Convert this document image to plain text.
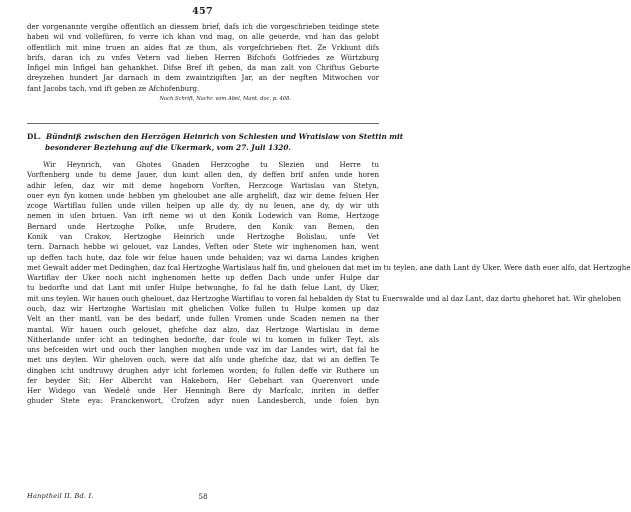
457
der vorgenannte vergihe offentlich an diessem brief, dafs ich die vorgeschrieben teidinge stete
haben wil vnd vollefüren, fo verre ich khan vnd mag, on alle geuerde, vnd han das gelobt
offentlich mit mine truen an aides ftat ze thun, als vorgefchrieben ftet. Ze Vrkhunt difs
brifs, daran ich zu vnfes Vetern vad lieben Herren Bifchofs Gotfriedes ze Würtzburg
Infigel min Infigel han gehankhet. Difse Bref ift geben, da man zalt von Chriftus Geburte
dreyzehen hundert Jar darnach in dem zwaintzigiften Jar, an der negften Mitwochen vor
fant Jacobs tach, vnd ift geben ze Afchofenburg.
Nach Schrift, Nachr. vom Abel, Mant. doc. p. 408.
DL. Bündniß zwischen den Herzögen Heinrich von Schlesien und Wratislaw von Stettin mit
besonderer Beziehung auf die Ukermark, vom 27. Juli 1320.
Wir Heynrich, van Ghotes Gnaden Herzcoghe tu Slezien und Herre tu
Vorftenberg unde tu deme Jauer, dun kunt allen den, dy deffen brif anfen unde horen
adhir lefen, daz wir mit deme hogeborn Vorften, Herzcoge Wartislau van Stetyn,
ouer eyn fyn komen unde hebben ym gheloubet ane alle arghelift, daz wir deme feluen Her
zcoge Wartiflau fullen unde villen helpen up alle dy, dy nu leuen, ane dy, dy wir uth
nemen in uſen briuen. Van irft neme wi ut den Konik Lodewich van Rome, Hertzoge
Bernard unde Hertzoghe Polke, unfe Brudere, den Konik van Bemen, den
Konik van Crakov, Hertzoghe Heinrich unde Hertzoghe Bolislau, unfe Vet
tern. Darnach hebbe wi gelouet, vaz Landes, Veften oder Stete wir inghenomen han, went
up deffen tach hute, daz fole wir felue hauen unde behalden; vaz wi darna Landes krighen
met Gewalt adder met Dedinghen, daz fcal Hertzoghe Wartislaus half fin, und ghelouen dat met im tu teylen, ane dath Lant dy Uker. Were dath euer alfo, dat Hertzoghe
Wartiflav der Uker noch nicht inghenomen hette up deffen Dach unde unfer Hulpe dar
tu bedorfte und dat Lant mit unfer Hulpe betwunghe, fo fal he dath felue Lant, dy Uker,
mit uns teylen. Wir hauen ouch ghelouet, daz Hertzoghe Wartiflau to voren fal hebalden dy Stat tu Euerswalde und al daz Lant, daz dartu ghehoret hat. Wir gheloben
ouch, daz wir Hertzoghe Wartislau mit ghelichen Volke fullen tu Hulpe komen up daz
Velt an ther mantl, van be des bedarf, unde fullen Vromen unde Scaden nemen na ther
mantal. Wir hauen ouch gelouet, ghefche daz alzo, daz Hertzoge Wartislau in deme
Nitherlande unfer icht an tedinghen bedorfte, dar fcole wi tu komen in fulker Teyt, als
uns befceiden wirt und ouch ther langhen moghen unde vaz im dar Landes wirt, dat fal he
met uns deylen. Wir gheloven ouch, were dat alfo unde ghefche daz, dat wi an deffen Te
dinghen icht undtruwy drughen adyr icht forlemen worden; fo fullen deffe vir Ruthere un
fer beyder Sit: Her Albercht van Hakeborn, Her Gebehart van Querenvort unde
Her Widego van Wedelë unde Her Henningh Bere dy Marfcalc, inriten in deffer
ghuder Stete eya: Franckenwort, Crofzen adyr nuen Landesberch, unde folen byn
Hanptheil II. Bd. I.	58
